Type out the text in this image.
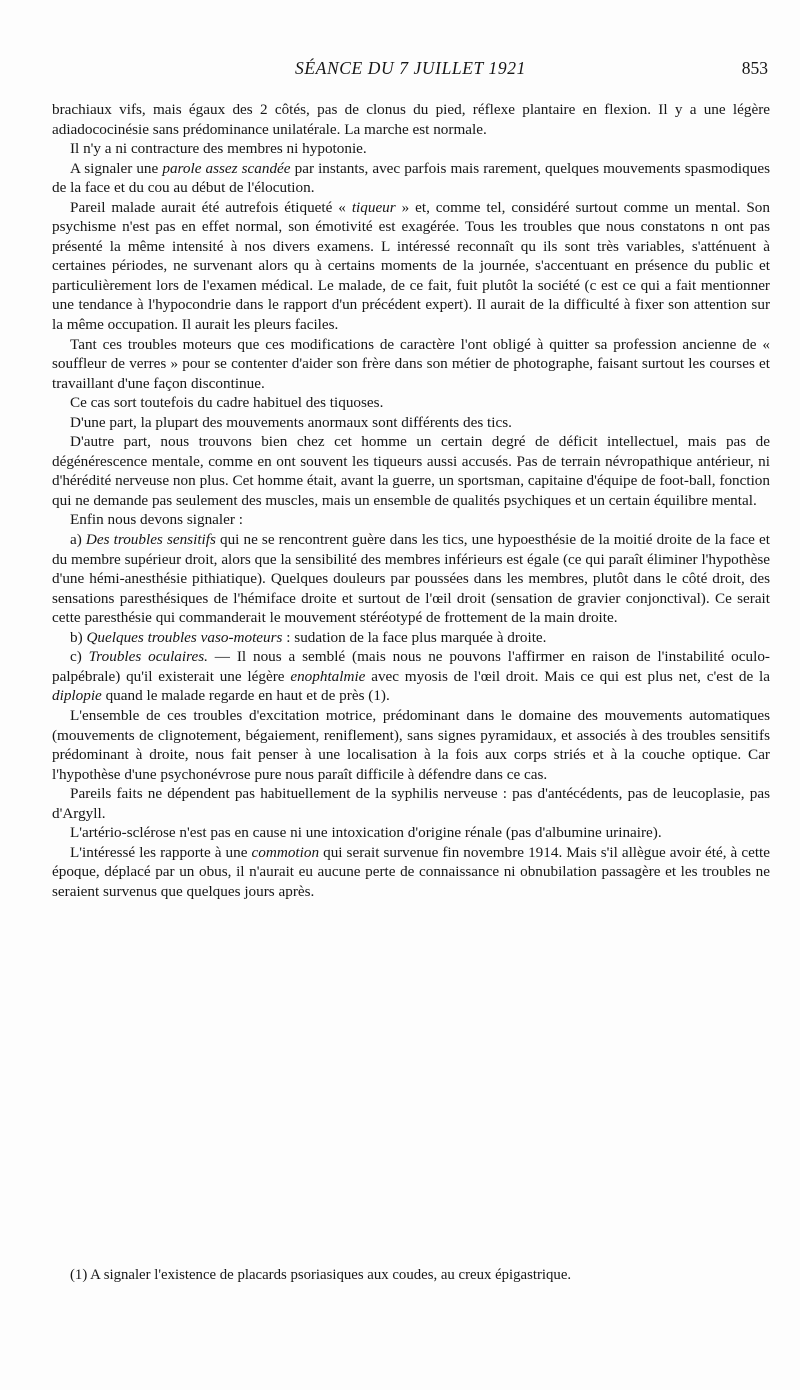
SÉANCE DU 7 JUILLET 1921	853

brachiaux vifs, mais égaux des 2 côtés, pas de clonus du pied, réflexe plantaire en flexion. Il y a une légère adiadococinésie sans prédominance unilatérale. La marche est normale.

Il n'y a ni contracture des membres ni hypotonie.

A signaler une parole assez scandée par instants, avec parfois mais rarement, quelques mouvements spasmodiques de la face et du cou au début de l'élocution.

Pareil malade aurait été autrefois étiqueté « tiqueur » et, comme tel, considéré surtout comme un mental. Son psychisme n'est pas en effet normal, son émotivité est exagérée. Tous les troubles que nous constatons n ont pas présenté la même intensité à nos divers examens. L intéressé reconnaît qu ils sont très variables, s'atténuent à certaines périodes, ne survenant alors qu à certains moments de la journée, s'accentuant en présence du public et particulièrement lors de l'examen médical. Le malade, de ce fait, fuit plutôt la société (c est ce qui a fait mentionner une tendance à l'hypocondrie dans le rapport d'un précédent expert). Il aurait de la difficulté à fixer son attention sur la même occupation. Il aurait les pleurs faciles.

Tant ces troubles moteurs que ces modifications de caractère l'ont obligé à quitter sa profession ancienne de « souffleur de verres » pour se contenter d'aider son frère dans son métier de photographe, faisant surtout les courses et travaillant d'une façon discontinue.

Ce cas sort toutefois du cadre habituel des tiquoses.

D'une part, la plupart des mouvements anormaux sont différents des tics.

D'autre part, nous trouvons bien chez cet homme un certain degré de déficit intellectuel, mais pas de dégénérescence mentale, comme en ont souvent les tiqueurs aussi accusés. Pas de terrain névropathique antérieur, ni d'hérédité nerveuse non plus. Cet homme était, avant la guerre, un sportsman, capitaine d'équipe de foot-ball, fonction qui ne demande pas seulement des muscles, mais un ensemble de qualités psychiques et un certain équilibre mental.

Enfin nous devons signaler :

a) Des troubles sensitifs qui ne se rencontrent guère dans les tics, une hypoesthésie de la moitié droite de la face et du membre supérieur droit, alors que la sensibilité des membres inférieurs est égale (ce qui paraît éliminer l'hypothèse d'une hémi-anesthésie pithiatique). Quelques douleurs par poussées dans les membres, plutôt dans le côté droit, des sensations paresthésiques de l'hémiface droite et surtout de l'œil droit (sensation de gravier conjonctival). Ce serait cette paresthésie qui commanderait le mouvement stéréotypé de frottement de la main droite.

b) Quelques troubles vaso-moteurs : sudation de la face plus marquée à droite.

c) Troubles oculaires. — Il nous a semblé (mais nous ne pouvons l'affirmer en raison de l'instabilité oculo-palpébrale) qu'il existerait une légère enophtalmie avec myosis de l'œil droit. Mais ce qui est plus net, c'est de la diplopie quand le malade regarde en haut et de près (1).

L'ensemble de ces troubles d'excitation motrice, prédominant dans le domaine des mouvements automatiques (mouvements de clignotement, bégaiement, reniflement), sans signes pyramidaux, et associés à des troubles sensitifs prédominant à droite, nous fait penser à une localisation à la fois aux corps striés et à la couche optique. Car l'hypothèse d'une psychonévrose pure nous paraît difficile à défendre dans ce cas.

Pareils faits ne dépendent pas habituellement de la syphilis nerveuse : pas d'antécédents, pas de leucoplasie, pas d'Argyll.

L'artério-sclérose n'est pas en cause ni une intoxication d'origine rénale (pas d'albumine urinaire).

L'intéressé les rapporte à une commotion qui serait survenue fin novembre 1914. Mais s'il allègue avoir été, à cette époque, déplacé par un obus, il n'aurait eu aucune perte de connaissance ni obnubilation passagère et les troubles ne seraient survenus que quelques jours après.

(1) A signaler l'existence de placards psoriasiques aux coudes, au creux épigastrique.
